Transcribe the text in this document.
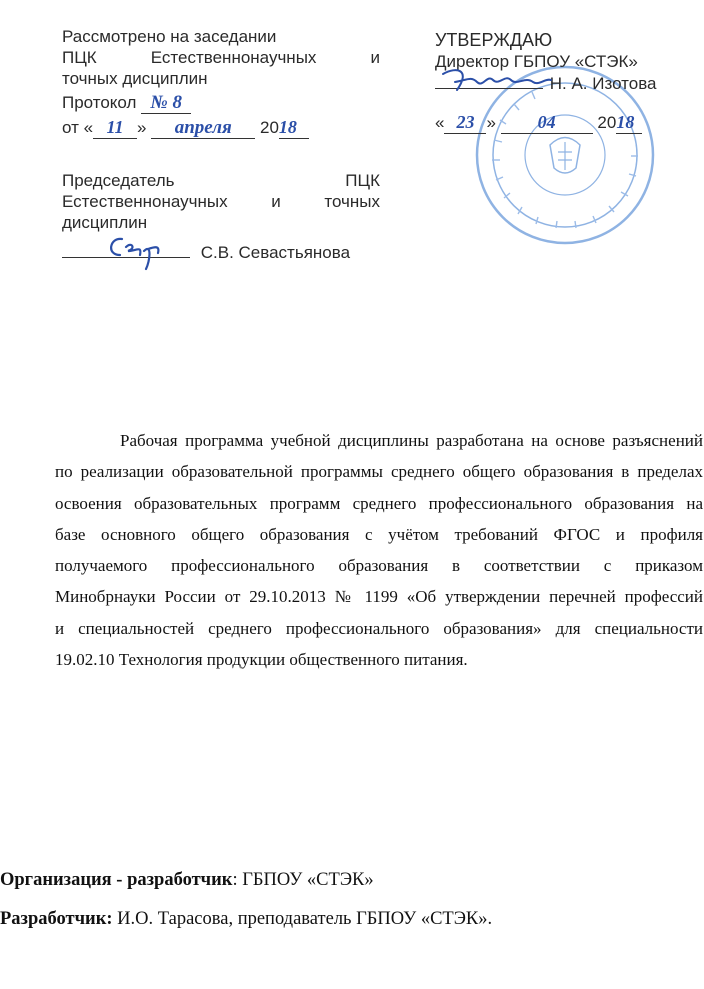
Рассмотрено на заседании
ПЦК	Естественнонаучных	и
точных дисциплин
Протокол № 8
от « 11 » апреля 2018
Председатель	ПЦК
Естественнонаучных	и	точных
дисциплин
С.В. Севастьянова
УТВЕРЖДАЮ
Директор ГБПОУ «СТЭК»
Н. А. Изотова
« 23 » 04 2018
Рабочая программа учебной дисциплины разработана на основе разъяснений
по реализации образовательной программы среднего общего образования в пределах
освоения образовательных программ среднего профессионального образования на
базе основного общего образования с учётом требований ФГОС и профиля
получаемого профессионального образования в соответствии с приказом
Минобрнауки России от 29.10.2013 № 1199 «Об утверждении перечней профессий
и специальностей среднего профессионального образования» для специальности
19.02.10 Технология продукции общественного питания.
Организация - разработчик: ГБПОУ «СТЭК»
Разработчик: И.О. Тарасова, преподаватель ГБПОУ «СТЭК».
